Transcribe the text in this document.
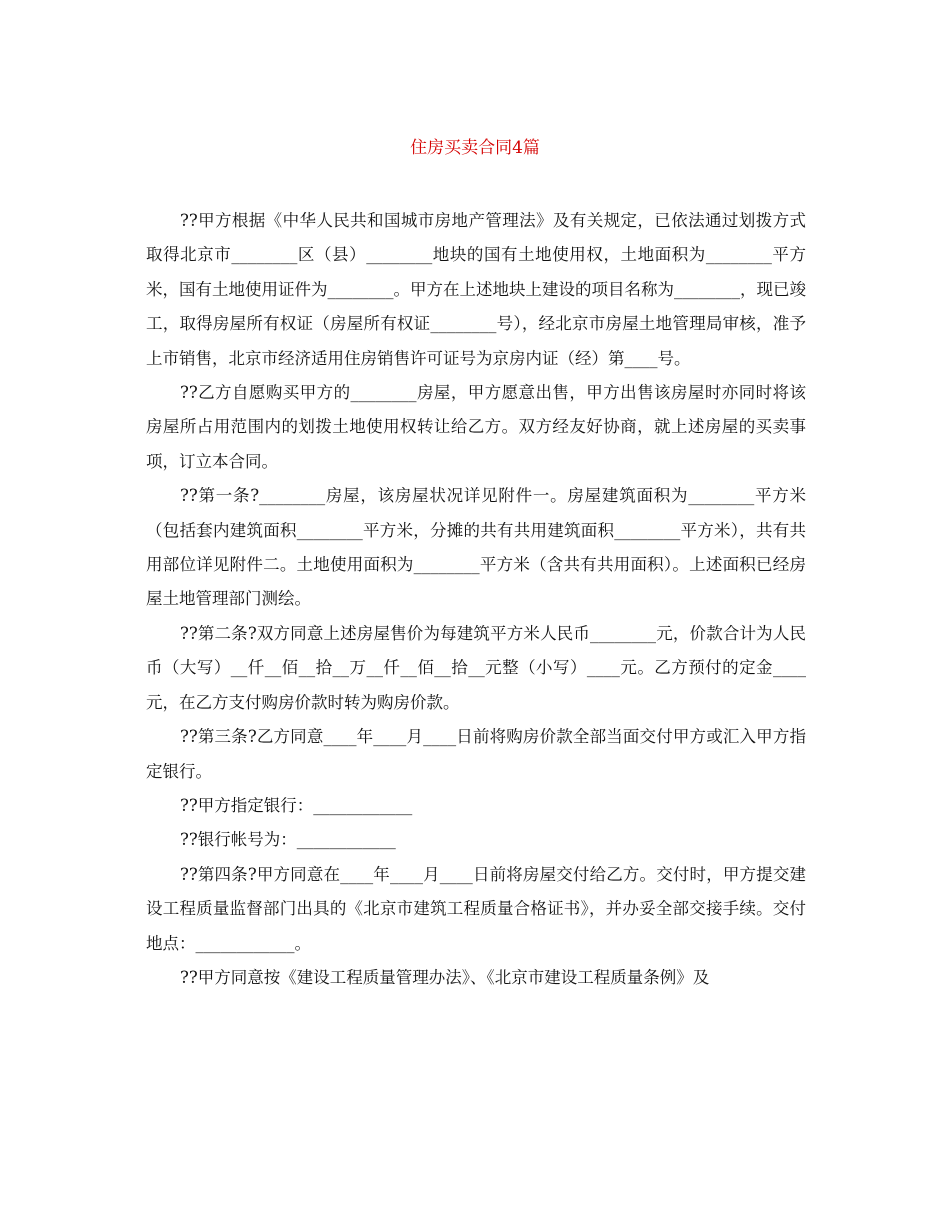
住房买卖合同4篇

??甲方根据《中华人民共和国城市房地产管理法》及有关规定，已依法通过划拨方式取得北京市________区（县）________地块的国有土地使用权，土地面积为________平方米，国有土地使用证件为________。甲方在上述地块上建设的项目名称为________，现已竣工，取得房屋所有权证（房屋所有权证________号），经北京市房屋土地管理局审核，准予上市销售，北京市经济适用住房销售许可证号为京房内证（经）第____号。

??乙方自愿购买甲方的________房屋，甲方愿意出售，甲方出售该房屋时亦同时将该房屋所占用范围内的划拨土地使用权转让给乙方。双方经友好协商，就上述房屋的买卖事项，订立本合同。

??第一条?________房屋，该房屋状况详见附件一。房屋建筑面积为________平方米（包括套内建筑面积________平方米，分摊的共有共用建筑面积________平方米），共有共用部位详见附件二。土地使用面积为________平方米（含共有共用面积）。上述面积已经房屋土地管理部门测绘。

??第二条?双方同意上述房屋售价为每建筑平方米人民币________元，价款合计为人民币（大写）__仟__佰__拾__万__仟__佰__拾__元整（小写）____元。乙方预付的定金____元，在乙方支付购房价款时转为购房价款。

??第三条?乙方同意____年____月____日前将购房价款全部当面交付甲方或汇入甲方指定银行。

??甲方指定银行：____________

??银行帐号为：____________

??第四条?甲方同意在____年____月____日前将房屋交付给乙方。交付时，甲方提交建设工程质量监督部门出具的《北京市建筑工程质量合格证书》，并办妥全部交接手续。交付地点：____________。

??甲方同意按《建设工程质量管理办法》、《北京市建设工程质量条例》及
